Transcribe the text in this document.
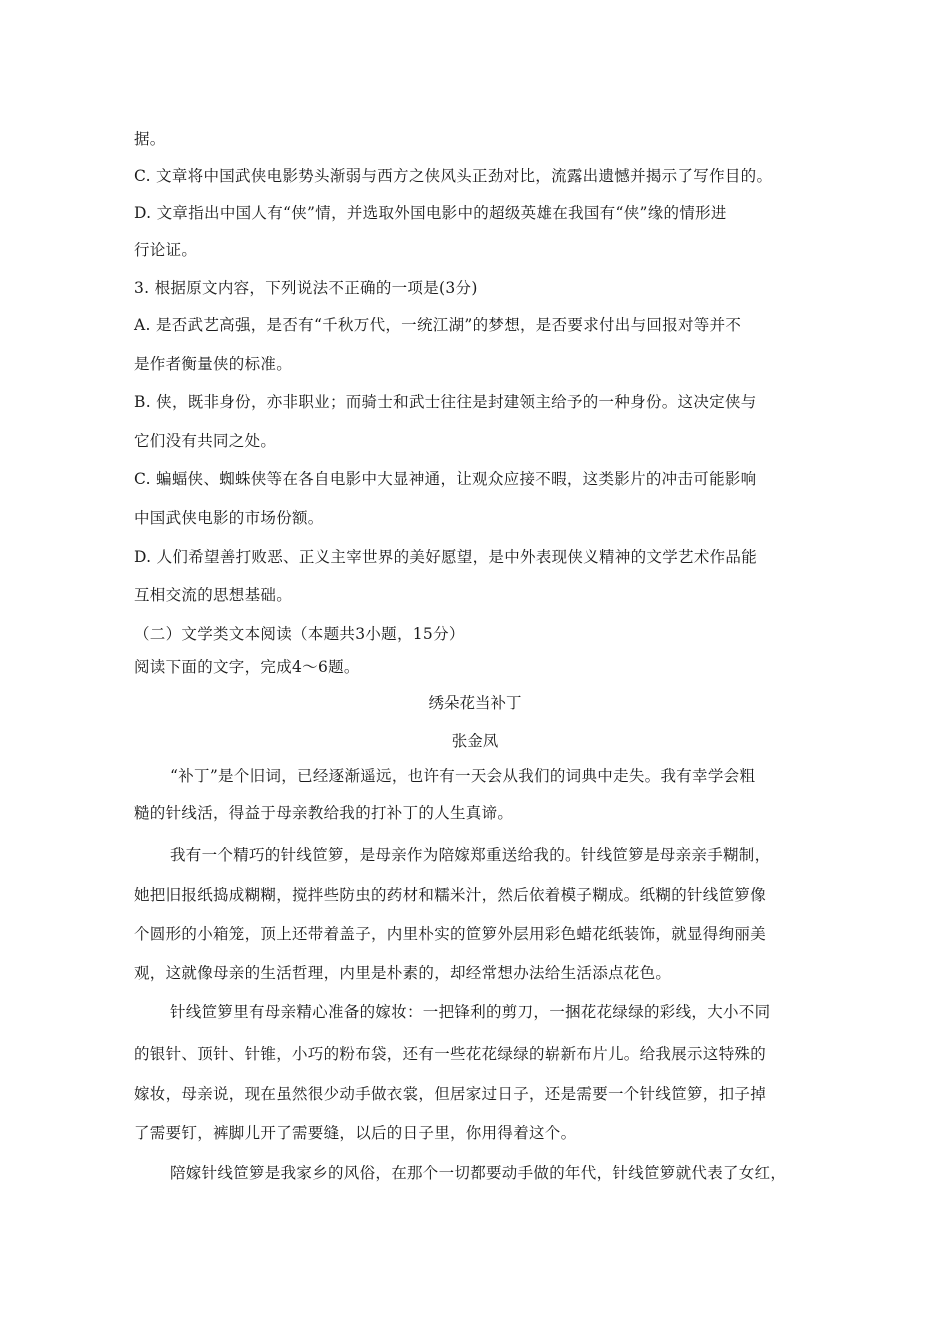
据。
C. 文章将中国武侠电影势头渐弱与西方之侠风头正劲对比，流露出遗憾并揭示了写作目的。
D. 文章指出中国人有“侠”情，并选取外国电影中的超级英雄在我国有“侠”缘的情形进
行论证。
3. 根据原文内容，下列说法不正确的一项是(3分)
A. 是否武艺高强，是否有“千秋万代，一统江湖”的梦想，是否要求付出与回报对等并不
是作者衡量侠的标准。
B. 侠，既非身份，亦非职业；而骑士和武士往往是封建领主给予的一种身份。这决定侠与
它们没有共同之处。
C. 蝙蝠侠、蜘蛛侠等在各自电影中大显神通，让观众应接不暇，这类影片的冲击可能影响
中国武侠电影的市场份额。
D. 人们希望善打败恶、正义主宰世界的美好愿望，是中外表现侠义精神的文学艺术作品能
互相交流的思想基础。
（二）文学类文本阅读（本题共3小题，15分）
阅读下面的文字，完成4～6题。
绣朵花当补丁
张金凤
“补丁”是个旧词，已经逐渐遥远，也许有一天会从我们的词典中走失。我有幸学会粗
糙的针线活，得益于母亲教给我的打补丁的人生真谛。
我有一个精巧的针线笸箩，是母亲作为陪嫁郑重送给我的。针线笸箩是母亲亲手糊制，
她把旧报纸捣成糊糊，搅拌些防虫的药材和糯米汁，然后依着模子糊成。纸糊的针线笸箩像
个圆形的小箱笼，顶上还带着盖子，内里朴实的笸箩外层用彩色蜡花纸装饰，就显得绚丽美
观，这就像母亲的生活哲理，内里是朴素的，却经常想办法给生活添点花色。
针线笸箩里有母亲精心准备的嫁妆：一把锋利的剪刀，一捆花花绿绿的彩线，大小不同
的银针、顶针、针锥，小巧的粉布袋，还有一些花花绿绿的崭新布片儿。给我展示这特殊的
嫁妆，母亲说，现在虽然很少动手做衣裳，但居家过日子，还是需要一个针线笸箩，扣子掉
了需要钉，裤脚儿开了需要缝，以后的日子里，你用得着这个。
陪嫁针线笸箩是我家乡的风俗，在那个一切都要动手做的年代，针线笸箩就代表了女红，
